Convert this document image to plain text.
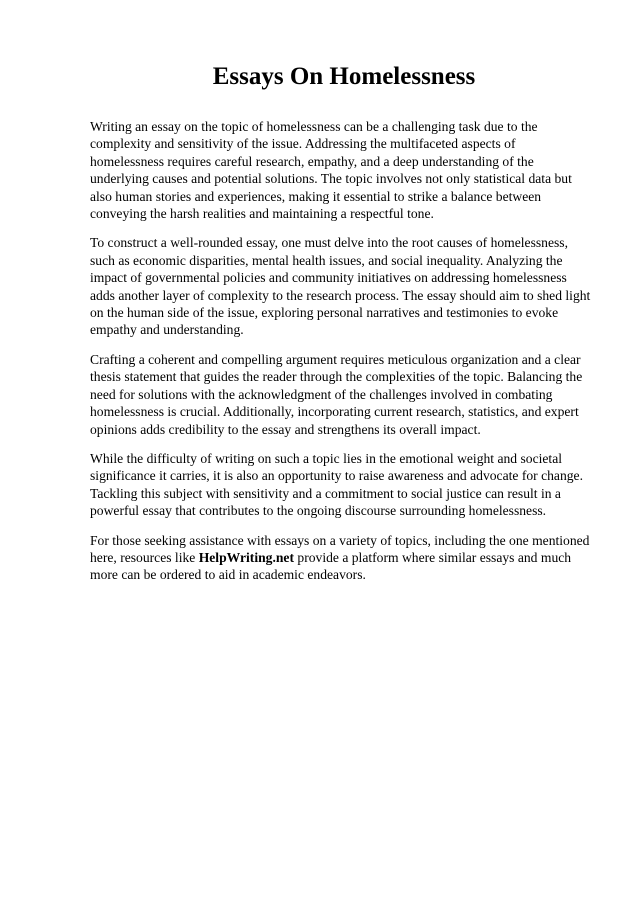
Essays On Homelessness

Writing an essay on the topic of homelessness can be a challenging task due to the complexity and sensitivity of the issue. Addressing the multifaceted aspects of homelessness requires careful research, empathy, and a deep understanding of the underlying causes and potential solutions. The topic involves not only statistical data but also human stories and experiences, making it essential to strike a balance between conveying the harsh realities and maintaining a respectful tone.

To construct a well-rounded essay, one must delve into the root causes of homelessness, such as economic disparities, mental health issues, and social inequality. Analyzing the impact of governmental policies and community initiatives on addressing homelessness adds another layer of complexity to the research process. The essay should aim to shed light on the human side of the issue, exploring personal narratives and testimonies to evoke empathy and understanding.

Crafting a coherent and compelling argument requires meticulous organization and a clear thesis statement that guides the reader through the complexities of the topic. Balancing the need for solutions with the acknowledgment of the challenges involved in combating homelessness is crucial. Additionally, incorporating current research, statistics, and expert opinions adds credibility to the essay and strengthens its overall impact.

While the difficulty of writing on such a topic lies in the emotional weight and societal significance it carries, it is also an opportunity to raise awareness and advocate for change. Tackling this subject with sensitivity and a commitment to social justice can result in a powerful essay that contributes to the ongoing discourse surrounding homelessness.

For those seeking assistance with essays on a variety of topics, including the one mentioned here, resources like HelpWriting.net provide a platform where similar essays and much more can be ordered to aid in academic endeavors.
